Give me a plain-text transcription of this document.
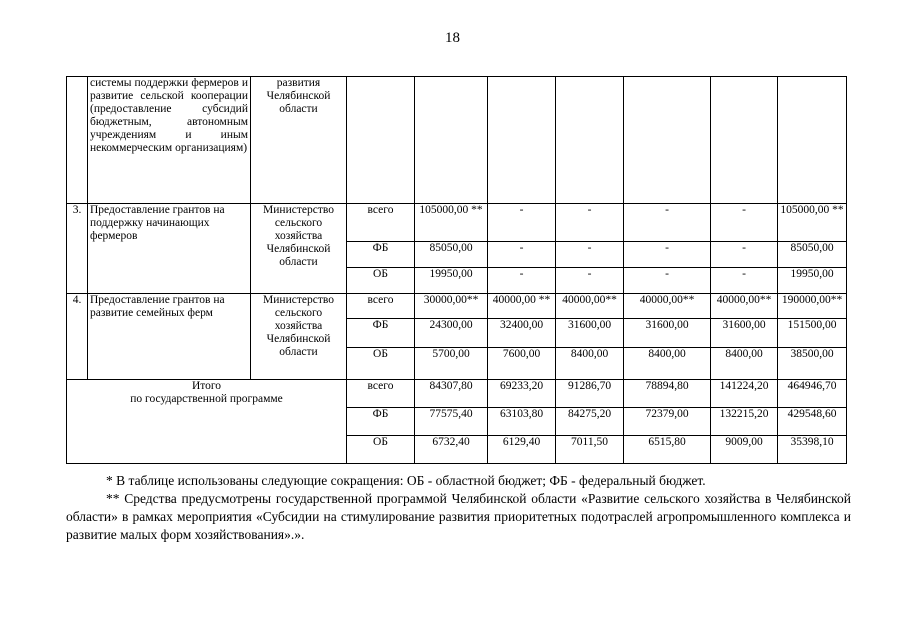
18
	системы поддержки фермеров и развитие сельской кооперации (предоставление субсидий бюджетным, автономным учреждениям и иным некоммерческим организациям)	развития Челябинской области							
3.	Предоставление грантов на поддержку начинающих фермеров	Министерство сельского хозяйства Челябинской области	всего	105000,00 **	-	-	-	-	105000,00 **
			ФБ	85050,00	-	-	-	-	85050,00
			ОБ	19950,00	-	-	-	-	19950,00
4.	Предоставление грантов на развитие семейных ферм	Министерство сельского хозяйства Челябинской области	всего	30000,00**	40000,00 **	40000,00**	40000,00**	40000,00**	190000,00**
			ФБ	24300,00	32400,00	31600,00	31600,00	31600,00	151500,00
			ОБ	5700,00	7600,00	8400,00	8400,00	8400,00	38500,00

Итого
по государственной программе			всего	84307,80	69233,20	91286,70	78894,80	141224,20	464946,70
			ФБ	77575,40	63103,80	84275,20	72379,00	132215,20	429548,60
			ОБ	6732,40	6129,40	7011,50	6515,80	9009,00	35398,10

* В таблице использованы следующие сокращения: ОБ - областной бюджет; ФБ - федеральный бюджет.

** Средства предусмотрены государственной программой Челябинской области «Развитие сельского хозяйства в Челябинской области» в рамках мероприятия «Субсидии на стимулирование развития приоритетных подотраслей агропромышленного комплекса и развитие малых форм хозяйствования».».
